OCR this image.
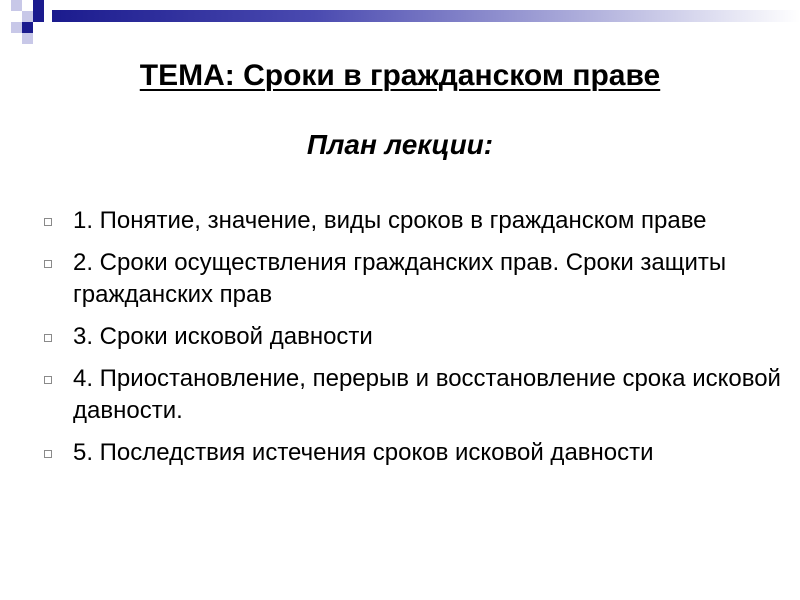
ТЕМА: Сроки в гражданском праве
План лекции:
1. Понятие, значение, виды сроков в гражданском праве
2. Сроки осуществления гражданских прав. Сроки защиты гражданских прав
3. Сроки исковой давности
4. Приостановление, перерыв и восстановление срока исковой давности.
5. Последствия истечения сроков исковой давности
